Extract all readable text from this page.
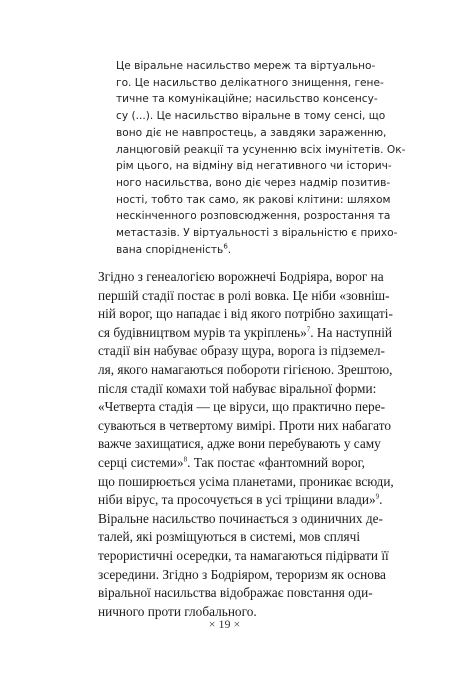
Це віральне насильство мереж та віртуально-
го. Це насильство делікатного знищення, гене-
тичне та комунікаційне; насильство консенсу-
су (...). Це насильство віральне в тому сенсі, що
воно діє не навпростець, а завдяки зараженню,
ланцюговій реакції та усуненню всіх імунітетів. Ок-
рім цього, на відміну від негативного чи історич-
ного насильства, воно діє через надмір позитив-
ності, тобто так само, як ракові клітини: шляхом
нескінченного розповсюдження, розростання та
метастазів. У віртуальності з віральністю є прихо-
вана спорідненість$^6$.
Згідно з генеалогією ворожнечі Бодріяра, ворог на
першій стадії постає в ролі вовка. Це ніби «зовніш-
ній ворог, що нападає і від якого потрібно захищаті-
ся будівництвом мурів та укріплень»$^7$. На наступній
стадії він набуває образу щура, ворога із підземел-
ля, якого намагаються побороти гігієною. Зрештою,
після стадії комахи той набуває віральної форми:
«Четверта стадія — це віруси, що практично пере-
суваються в четвертому вимірі. Проти них набагато
важче захищатися, адже вони перебувають у саму
серці системи»$^8$. Так постає «фантомний ворог,
що поширюється усіма планетами, проникає всюди,
ніби вірус, та просочується в усі тріщини влади»$^9$.
Віральне насильство починається з одиничних де-
талей, які розміщуються в системі, мов сплячі
терористичні осередки, та намагаються підірвати її
зсередини. Згідно з Бодріяром, тероризм як основа
віральної насильства відображає повстання оди-
ничного проти глобального.
× 19 ×
